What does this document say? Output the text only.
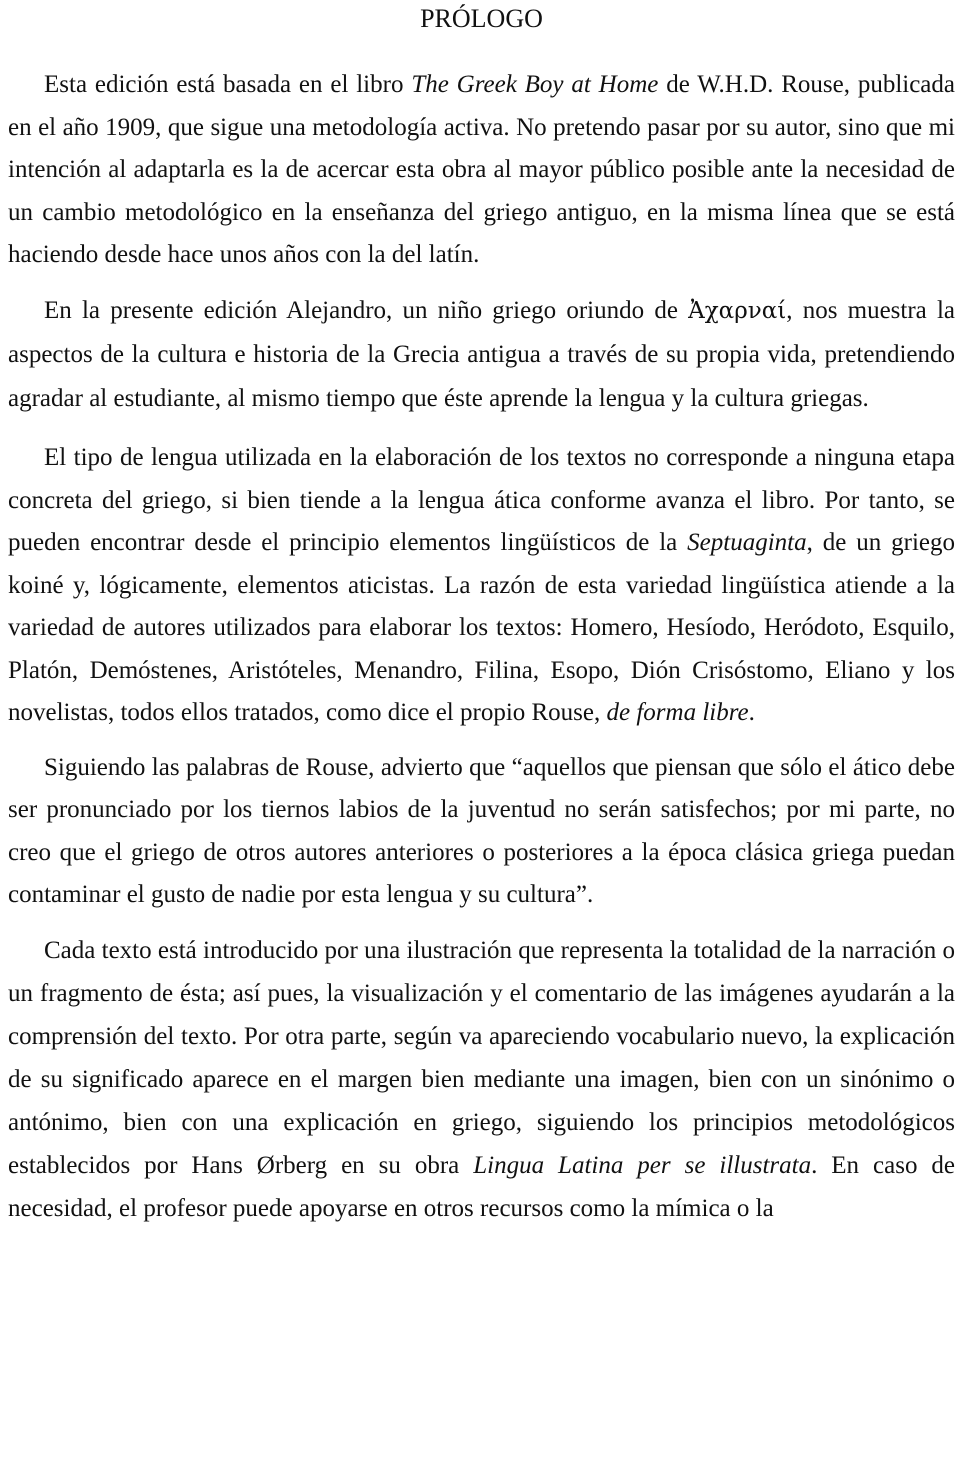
PRÓLOGO

Esta edición está basada en el libro The Greek Boy at Home de W.H.D. Rouse, publicada en el año 1909, que sigue una metodología activa. No pretendo pasar por su autor, sino que mi intención al adaptarla es la de acercar esta obra al mayor público posible ante la necesidad de un cambio metodológico en la enseñanza del griego antiguo, en la misma línea que se está haciendo desde hace unos años con la del latín.

En la presente edición Alejandro, un niño griego oriundo de Ἀχαρναί, nos muestra la aspectos de la cultura e historia de la Grecia antigua a través de su propia vida, pretendiendo agradar al estudiante, al mismo tiempo que éste aprende la lengua y la cultura griegas.

El tipo de lengua utilizada en la elaboración de los textos no corresponde a ninguna etapa concreta del griego, si bien tiende a la lengua ática conforme avanza el libro. Por tanto, se pueden encontrar desde el principio elementos lingüísticos de la Septuaginta, de un griego koiné y, lógicamente, elementos aticistas. La razón de esta variedad lingüística atiende a la variedad de autores utilizados para elaborar los textos: Homero, Hesíodo, Heródoto, Esquilo, Platón, Demóstenes, Aristóteles, Menandro, Filina, Esopo, Dión Crisóstomo, Eliano y los novelistas, todos ellos tratados, como dice el propio Rouse, de forma libre.

Siguiendo las palabras de Rouse, advierto que “aquellos que piensan que sólo el ático debe ser pronunciado por los tiernos labios de la juventud no serán satisfechos; por mi parte, no creo que el griego de otros autores anteriores o posteriores a la época clásica griega puedan contaminar el gusto de nadie por esta lengua y su cultura”.

Cada texto está introducido por una ilustración que representa la totalidad de la narración o un fragmento de ésta; así pues, la visualización y el comentario de las imágenes ayudarán a la comprensión del texto. Por otra parte, según va apareciendo vocabulario nuevo, la explicación de su significado aparece en el margen bien mediante una imagen, bien con un sinónimo o antónimo, bien con una explicación en griego, siguiendo los principios metodológicos establecidos por Hans Ørberg en su obra Lingua Latina per se illustrata. En caso de necesidad, el profesor puede apoyarse en otros recursos como la mímica o la
